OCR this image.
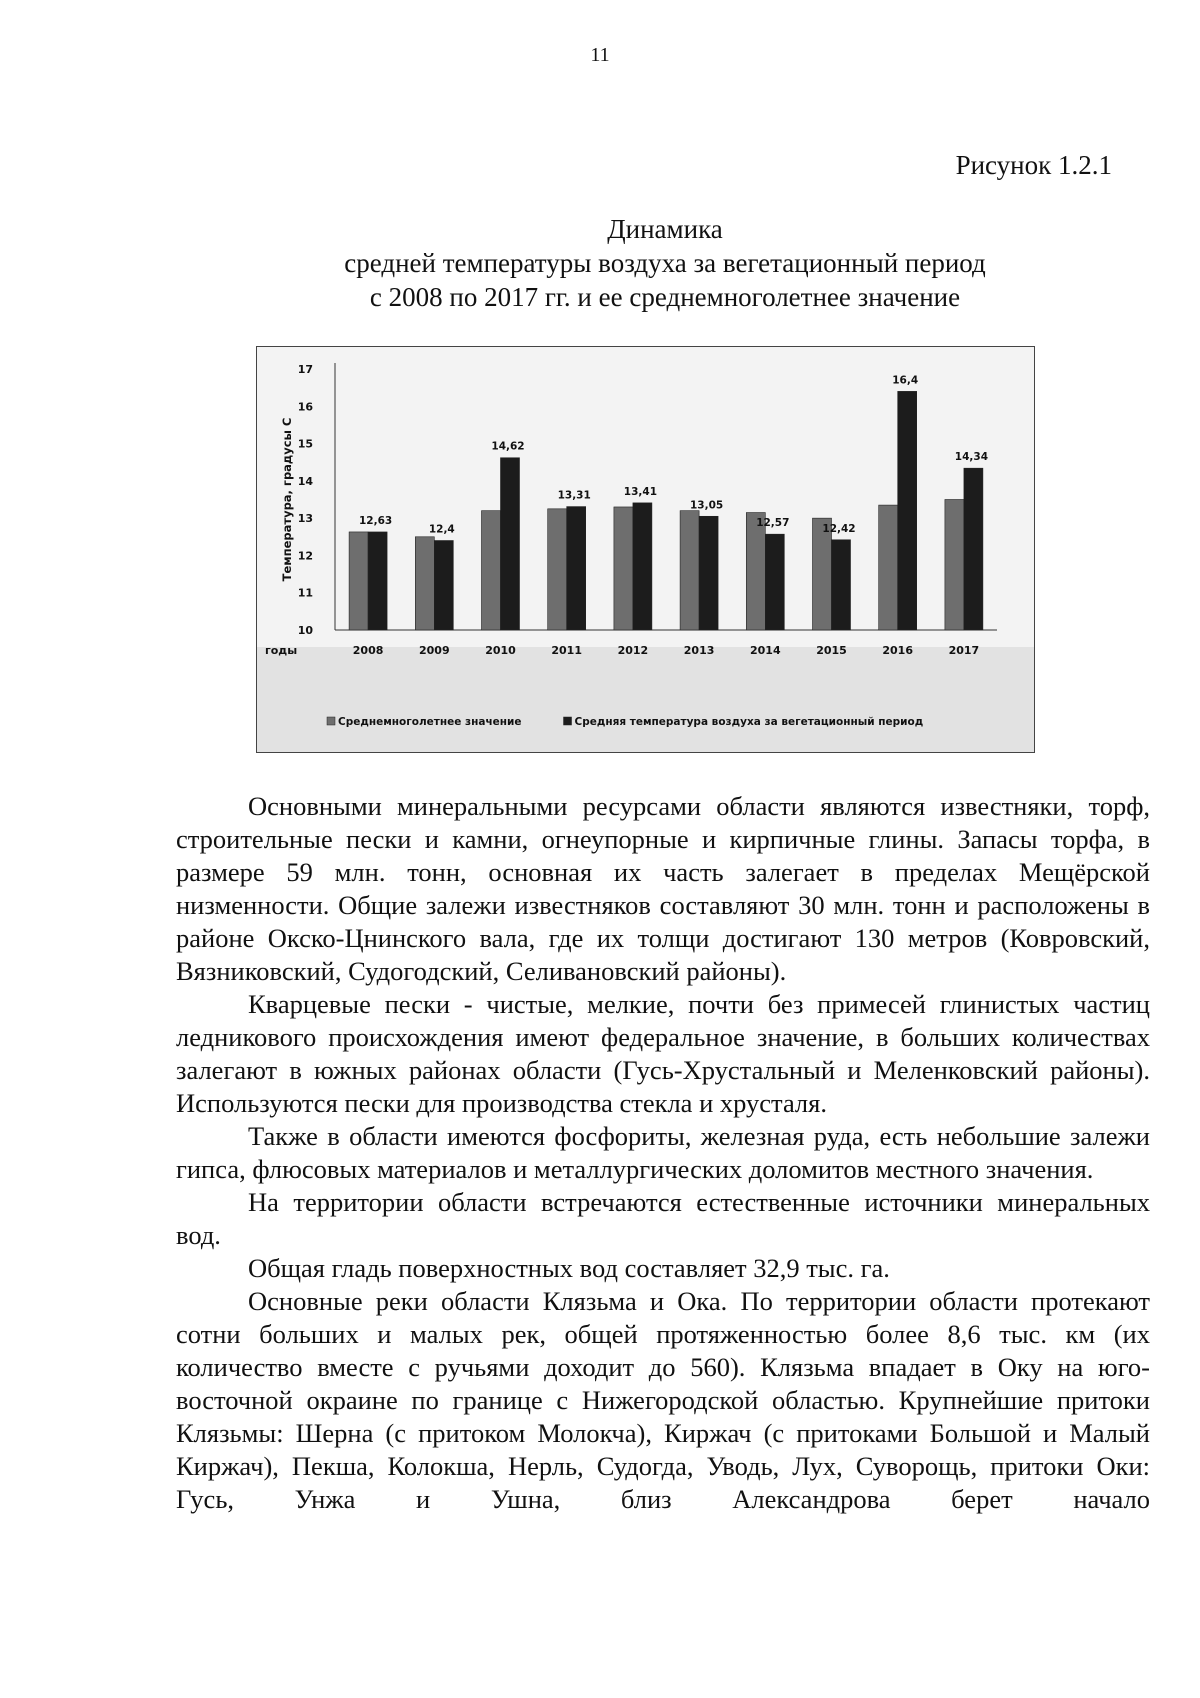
11
Рисунок 1.2.1
Динамика
средней температуры воздуха за вегетационный период
с 2008 по 2017 гг. и ее среднемноголетнее значение
10
11
12
13
14
15
16
17
Температура, градусы С
годы
12,63
2008
12,4
2009
14,62
2010
13,31
2011
13,41
2012
13,05
2013
12,57
2014
12,42
2015
16,4
2016
14,34
2017
Среднемноголетнее значение	Средняя температура воздуха за вегетационный период

Основными минеральными ресурсами области являются известняки, торф, строительные пески и камни, огнеупорные и кирпичные глины. Запасы торфа, в размере 59 млн. тонн, основная их часть залегает в пределах Мещёрской низменности. Общие залежи известняков составляют 30 млн. тонн и расположены в районе Окско-Цнинского вала, где их толщи достигают 130 метров (Ковровский, Вязниковский, Судогодский, Селивановский районы).

Кварцевые пески - чистые, мелкие, почти без примесей глинистых частиц ледникового происхождения имеют федеральное значение, в больших количествах залегают в южных районах области (Гусь-Хрустальный и Меленковский районы). Используются пески для производства стекла и хрусталя.

Также в области имеются фосфориты, железная руда, есть небольшие залежи гипса, флюсовых материалов и металлургических доломитов местного значения.

На территории области встречаются естественные источники минеральных вод.

Общая гладь поверхностных вод составляет 32,9 тыс. га.

Основные реки области Клязьма и Ока. По территории области протекают сотни больших и малых рек, общей протяженностью более 8,6 тыс. км (их количество вместе с ручьями доходит до 560). Клязьма впадает в Оку на юго-восточной окраине по границе с Нижегородской областью. Крупнейшие притоки Клязьмы: Шерна (с притоком Молокча), Киржач (с притоками Большой и Малый Киржач), Пекша, Колокша, Нерль, Судогда, Уводь, Лух, Суворощь, притоки Оки: Гусь, Унжа и Ушна, близ Александрова берет начало
